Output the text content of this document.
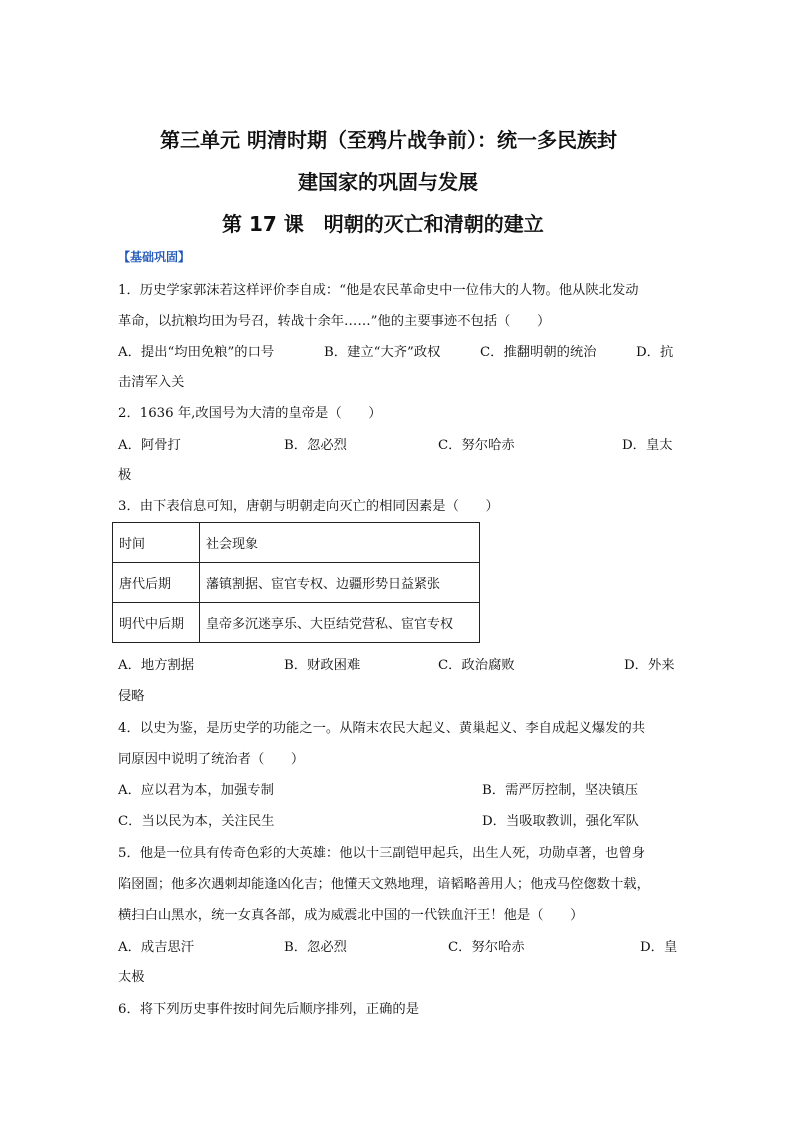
第三单元 明清时期（至鸦片战争前）：统一多民族封
建国家的巩固与发展
第 17 课　明朝的灭亡和清朝的建立
【基础巩固】
1．历史学家郭沫若这样评价李自成：“他是农民革命史中一位伟大的人物。他从陕北发动
革命，以抗粮均田为号召，转战十余年……”他的主要事迹不包括（　　）
A．提出“均田免粮”的口号	B．建立“大齐”政权	C．推翻明朝的统治	D．抗
击清军入关
2．1636 年,改国号为大清的皇帝是（　　）
A．阿骨打	B．忽必烈	C．努尔哈赤	D．皇太
极
3．由下表信息可知，唐朝与明朝走向灭亡的相同因素是（　　）
时间	社会现象
唐代后期	藩镇割据、宦官专权、边疆形势日益紧张
明代中后期	皇帝多沉迷享乐、大臣结党营私、宦官专权
A．地方割据	B．财政困难	C．政治腐败	D．外来
侵略
4．以史为鉴，是历史学的功能之一。从隋末农民大起义、黄巢起义、李自成起义爆发的共
同原因中说明了统治者（　　）
A．应以君为本，加强专制	B．需严厉控制，坚决镇压
C．当以民为本，关注民生	D．当吸取教训，强化军队
5．他是一位具有传奇色彩的大英雄：他以十三副铠甲起兵，出生人死，功勋卓著，也曾身
陷囹圄；他多次遇刺却能逢凶化吉；他懂天文熟地理，谙韬略善用人；他戎马倥偬数十载，
横扫白山黑水，统一女真各部，成为威震北中国的一代铁血汗王！他是（　　）
A．成吉思汗	B．忽必烈	C．努尔哈赤	D．皇
太极
6．将下列历史事件按时间先后顺序排列，正确的是
